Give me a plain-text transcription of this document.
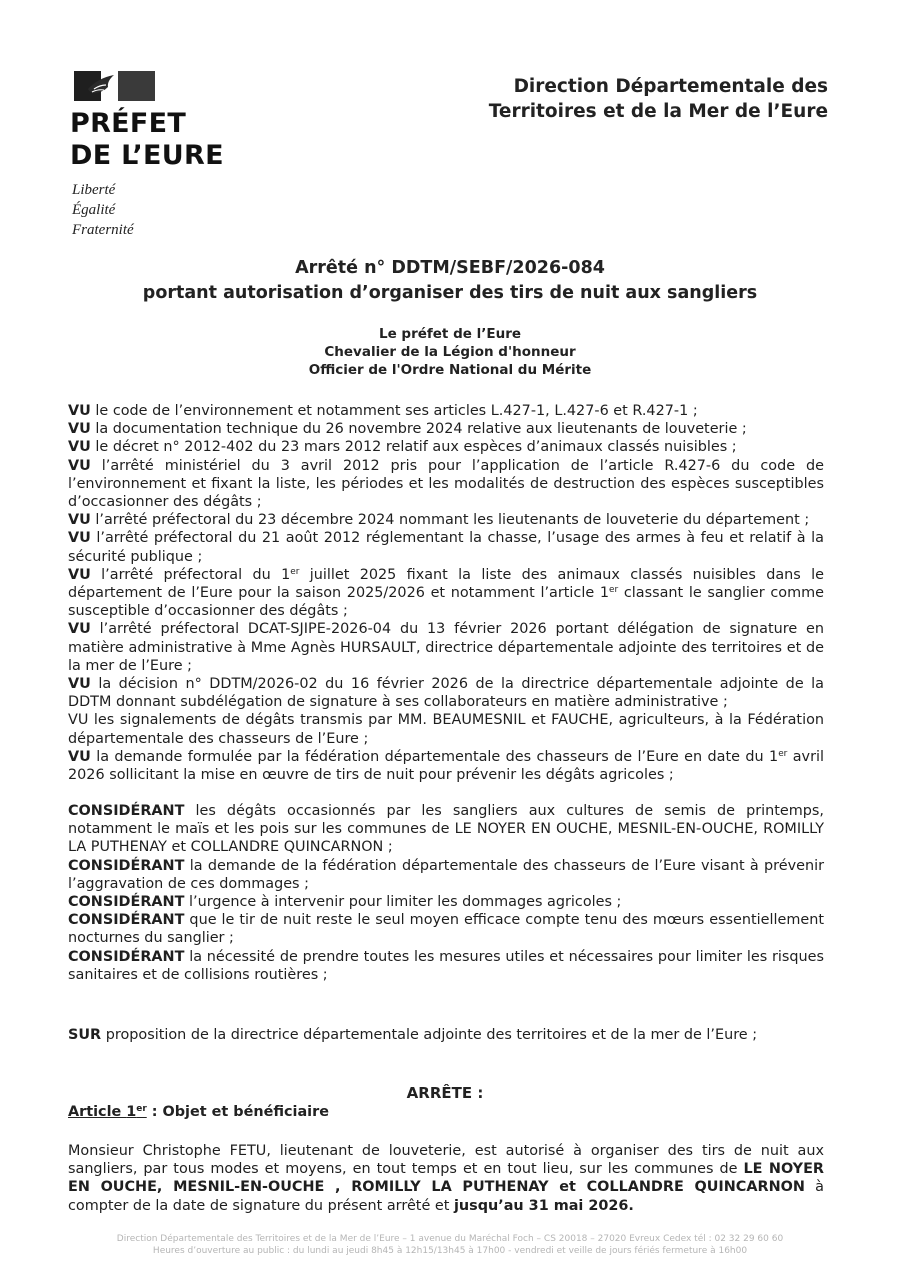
PRÉFET
DE L’EURE
Liberté
Égalité
Fraternité
Direction Départementale des
Territoires et de la Mer de l’Eure
Arrêté n° DDTM/SEBF/2026-084
portant autorisation d’organiser des tirs de nuit aux sangliers
Le préfet de l’Eure
Chevalier de la Légion d'honneur
Officier de l'Ordre National du Mérite

VU le code de l’environnement et notamment ses articles L.427-1, L.427-6 et R.427-1 ;

VU la documentation technique du 26 novembre 2024 relative aux lieutenants de louveterie ;

VU le décret n° 2012-402 du 23 mars 2012 relatif aux espèces d’animaux classés nuisibles ;

VU l’arrêté ministériel du 3 avril 2012 pris pour l’application de l’article R.427-6 du code de l’environnement et fixant la liste, les périodes et les modalités de destruction des espèces susceptibles d’occasionner des dégâts ;

VU l’arrêté préfectoral du 23 décembre 2024 nommant les lieutenants de louveterie du département ;

VU l’arrêté préfectoral du 21 août 2012 réglementant la chasse, l’usage des armes à feu et relatif à la sécurité publique ;

VU l’arrêté préfectoral du 1er juillet 2025 fixant la liste des animaux classés nuisibles dans le département de l’Eure pour la saison 2025/2026 et notamment l’article 1er classant le sanglier comme susceptible d’occasionner des dégâts ;

VU l’arrêté préfectoral DCAT-SJIPE-2026-04 du 13 février 2026 portant délégation de signature en matière administrative à Mme Agnès HURSAULT, directrice départementale adjointe des territoires et de la mer de l’Eure ;

VU la décision n° DDTM/2026-02 du 16 février 2026 de la directrice départementale adjointe de la DDTM donnant subdélégation de signature à ses collaborateurs en matière administrative ;

VU les signalements de dégâts transmis par MM. BEAUMESNIL et FAUCHE, agriculteurs, à la Fédération départementale des chasseurs de l’Eure ;

VU la demande formulée par la fédération départementale des chasseurs de l’Eure en date du 1er avril 2026 sollicitant la mise en œuvre de tirs de nuit pour prévenir les dégâts agricoles ;

CONSIDÉRANT les dégâts occasionnés par les sangliers aux cultures de semis de printemps, notamment le maïs et les pois sur les communes de LE NOYER EN OUCHE, MESNIL-EN-OUCHE, ROMILLY LA PUTHENAY et COLLANDRE QUINCARNON ;

CONSIDÉRANT la demande de la fédération départementale des chasseurs de l’Eure visant à prévenir l’aggravation de ces dommages ;

CONSIDÉRANT l’urgence à intervenir pour limiter les dommages agricoles ;

CONSIDÉRANT que le tir de nuit reste le seul moyen efficace compte tenu des mœurs essentiellement nocturnes du sanglier ;

CONSIDÉRANT la nécessité de prendre toutes les mesures utiles et nécessaires pour limiter les risques sanitaires et de collisions routières ;

SUR proposition de la directrice départementale adjointe des territoires et de la mer de l’Eure ;

ARRÊTE :
Article 1er : Objet et bénéficiaire

Monsieur Christophe FETU, lieutenant de louveterie, est autorisé à organiser des tirs de nuit aux sangliers, par tous modes et moyens, en tout temps et en tout lieu, sur les communes de LE NOYER EN OUCHE, MESNIL-EN-OUCHE , ROMILLY LA PUTHENAY et COLLANDRE QUINCARNON à compter de la date de signature du présent arrêté et jusqu’au 31 mai 2026.

Direction Départementale des Territoires et de la Mer de l’Eure – 1 avenue du Maréchal Foch – CS 20018 – 27020 Evreux Cedex tél : 02 32 29 60 60
Heures d’ouverture au public : du lundi au jeudi 8h45 à 12h15/13h45 à 17h00 - vendredi et veille de jours fériés fermeture à 16h00
